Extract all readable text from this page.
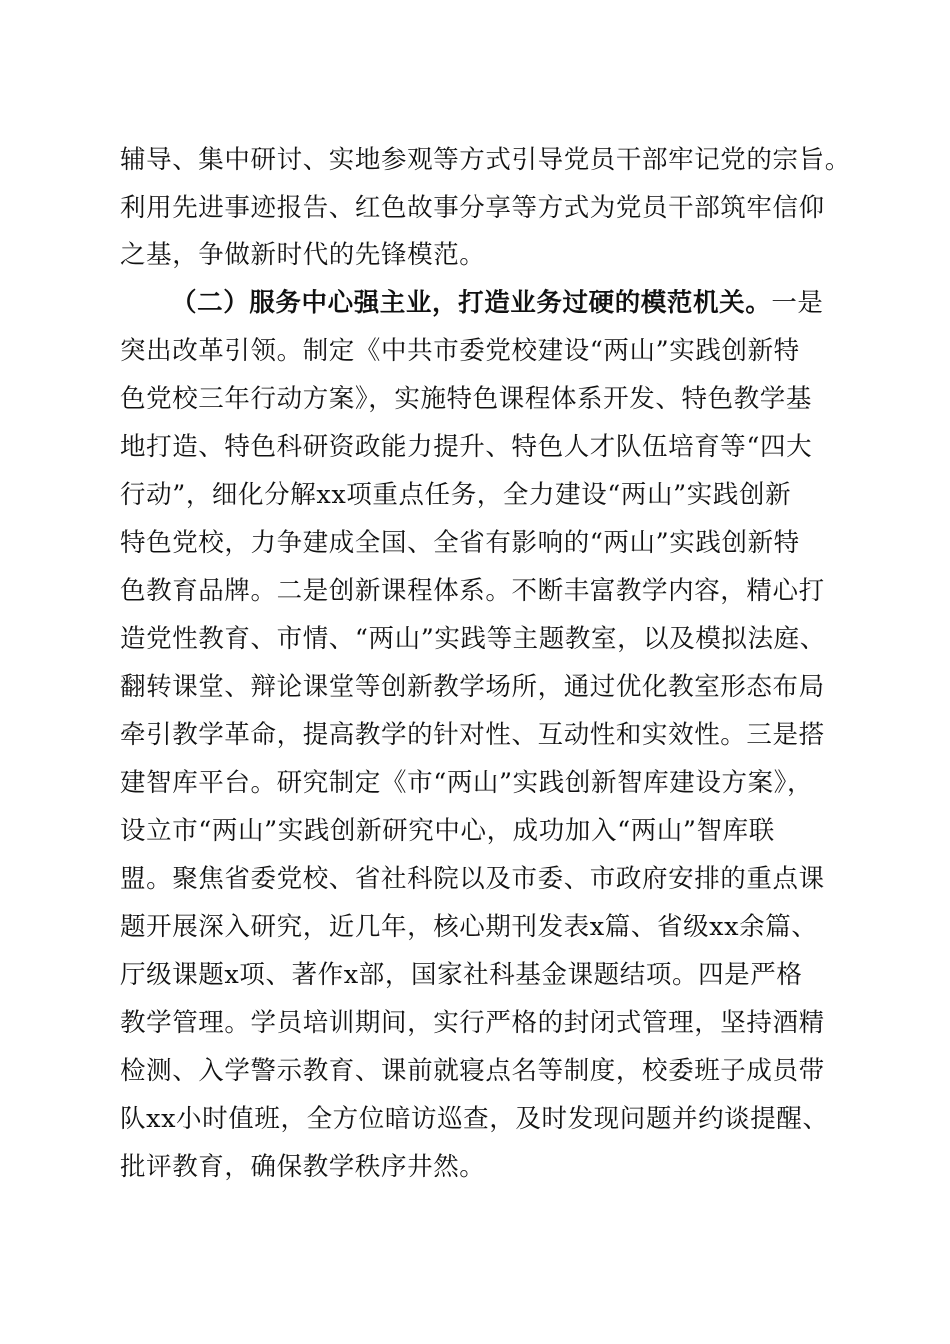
辅导、集中研讨、实地参观等方式引导党员干部牢记党的宗旨。
利用先进事迹报告、红色故事分享等方式为党员干部筑牢信仰
之基，争做新时代的先锋模范。
（二）服务中心强主业，打造业务过硬的模范机关。一是
突出改革引领。制定《中共市委党校建设“两山”实践创新特
色党校三年行动方案》，实施特色课程体系开发、特色教学基
地打造、特色科研资政能力提升、特色人才队伍培育等“四大
行动”，细化分解xx项重点任务，全力建设“两山”实践创新
特色党校，力争建成全国、全省有影响的“两山”实践创新特
色教育品牌。二是创新课程体系。不断丰富教学内容，精心打
造党性教育、市情、“两山”实践等主题教室，以及模拟法庭、
翻转课堂、辩论课堂等创新教学场所，通过优化教室形态布局
牵引教学革命，提高教学的针对性、互动性和实效性。三是搭
建智库平台。研究制定《市“两山”实践创新智库建设方案》，
设立市“两山”实践创新研究中心，成功加入“两山”智库联
盟。聚焦省委党校、省社科院以及市委、市政府安排的重点课
题开展深入研究，近几年，核心期刊发表x篇、省级xx余篇、
厅级课题x项、著作x部，国家社科基金课题结项。四是严格
教学管理。学员培训期间，实行严格的封闭式管理，坚持酒精
检测、入学警示教育、课前就寝点名等制度，校委班子成员带
队xx小时值班，全方位暗访巡查，及时发现问题并约谈提醒、
批评教育，确保教学秩序井然。
